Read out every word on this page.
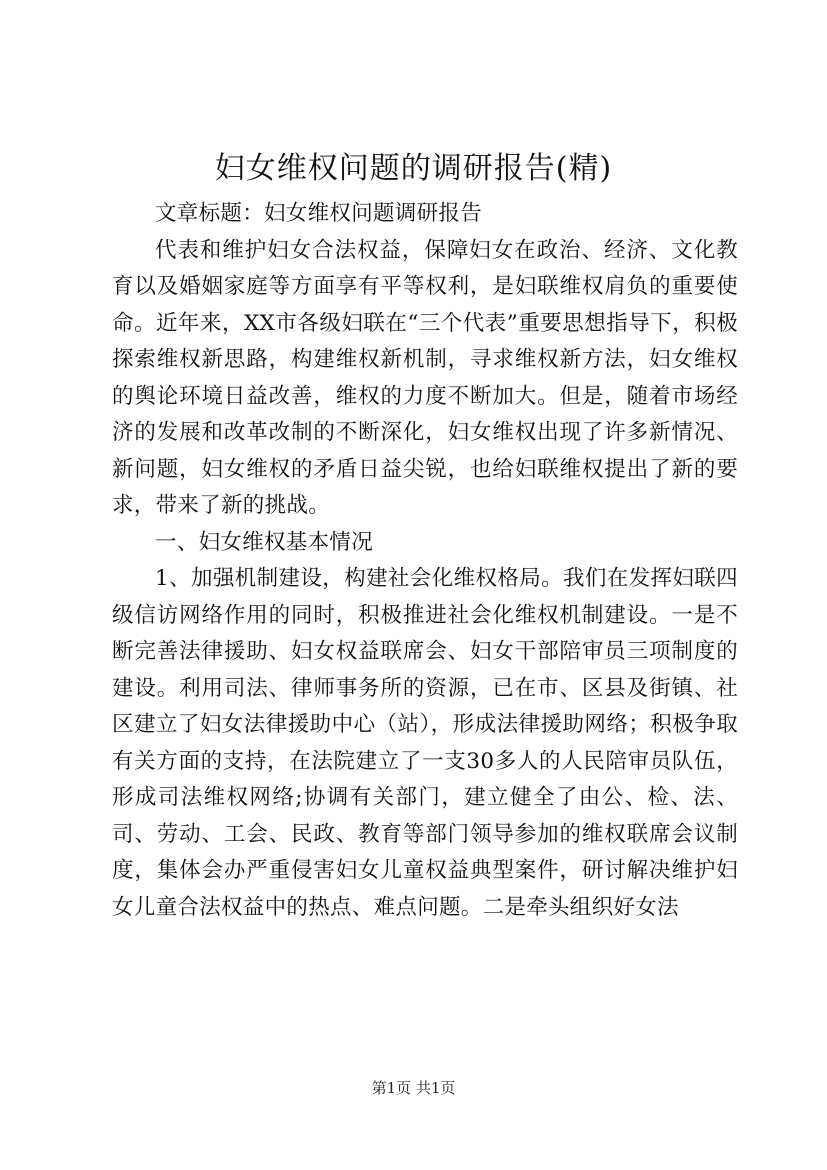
妇女维权问题的调研报告(精)

文章标题：妇女维权问题调研报告

代表和维护妇女合法权益，保障妇女在政治、经济、文化教育以及婚姻家庭等方面享有平等权利，是妇联维权肩负的重要使命。近年来，XX市各级妇联在“三个代表”重要思想指导下，积极探索维权新思路，构建维权新机制，寻求维权新方法，妇女维权的舆论环境日益改善，维权的力度不断加大。但是，随着市场经济的发展和改革改制的不断深化，妇女维权出现了许多新情况、新问题，妇女维权的矛盾日益尖锐，也给妇联维权提出了新的要求，带来了新的挑战。

一、妇女维权基本情况

1、加强机制建设，构建社会化维权格局。我们在发挥妇联四级信访网络作用的同时，积极推进社会化维权机制建设。一是不断完善法律援助、妇女权益联席会、妇女干部陪审员三项制度的建设。利用司法、律师事务所的资源，已在市、区县及街镇、社区建立了妇女法律援助中心（站），形成法律援助网络；积极争取有关方面的支持，在法院建立了一支30多人的人民陪审员队伍，形成司法维权网络;协调有关部门，建立健全了由公、检、法、司、劳动、工会、民政、教育等部门领导参加的维权联席会议制度，集体会办严重侵害妇女儿童权益典型案件，研讨解决维护妇女儿童合法权益中的热点、难点问题。二是牵头组织好女法

第1页 共1页
